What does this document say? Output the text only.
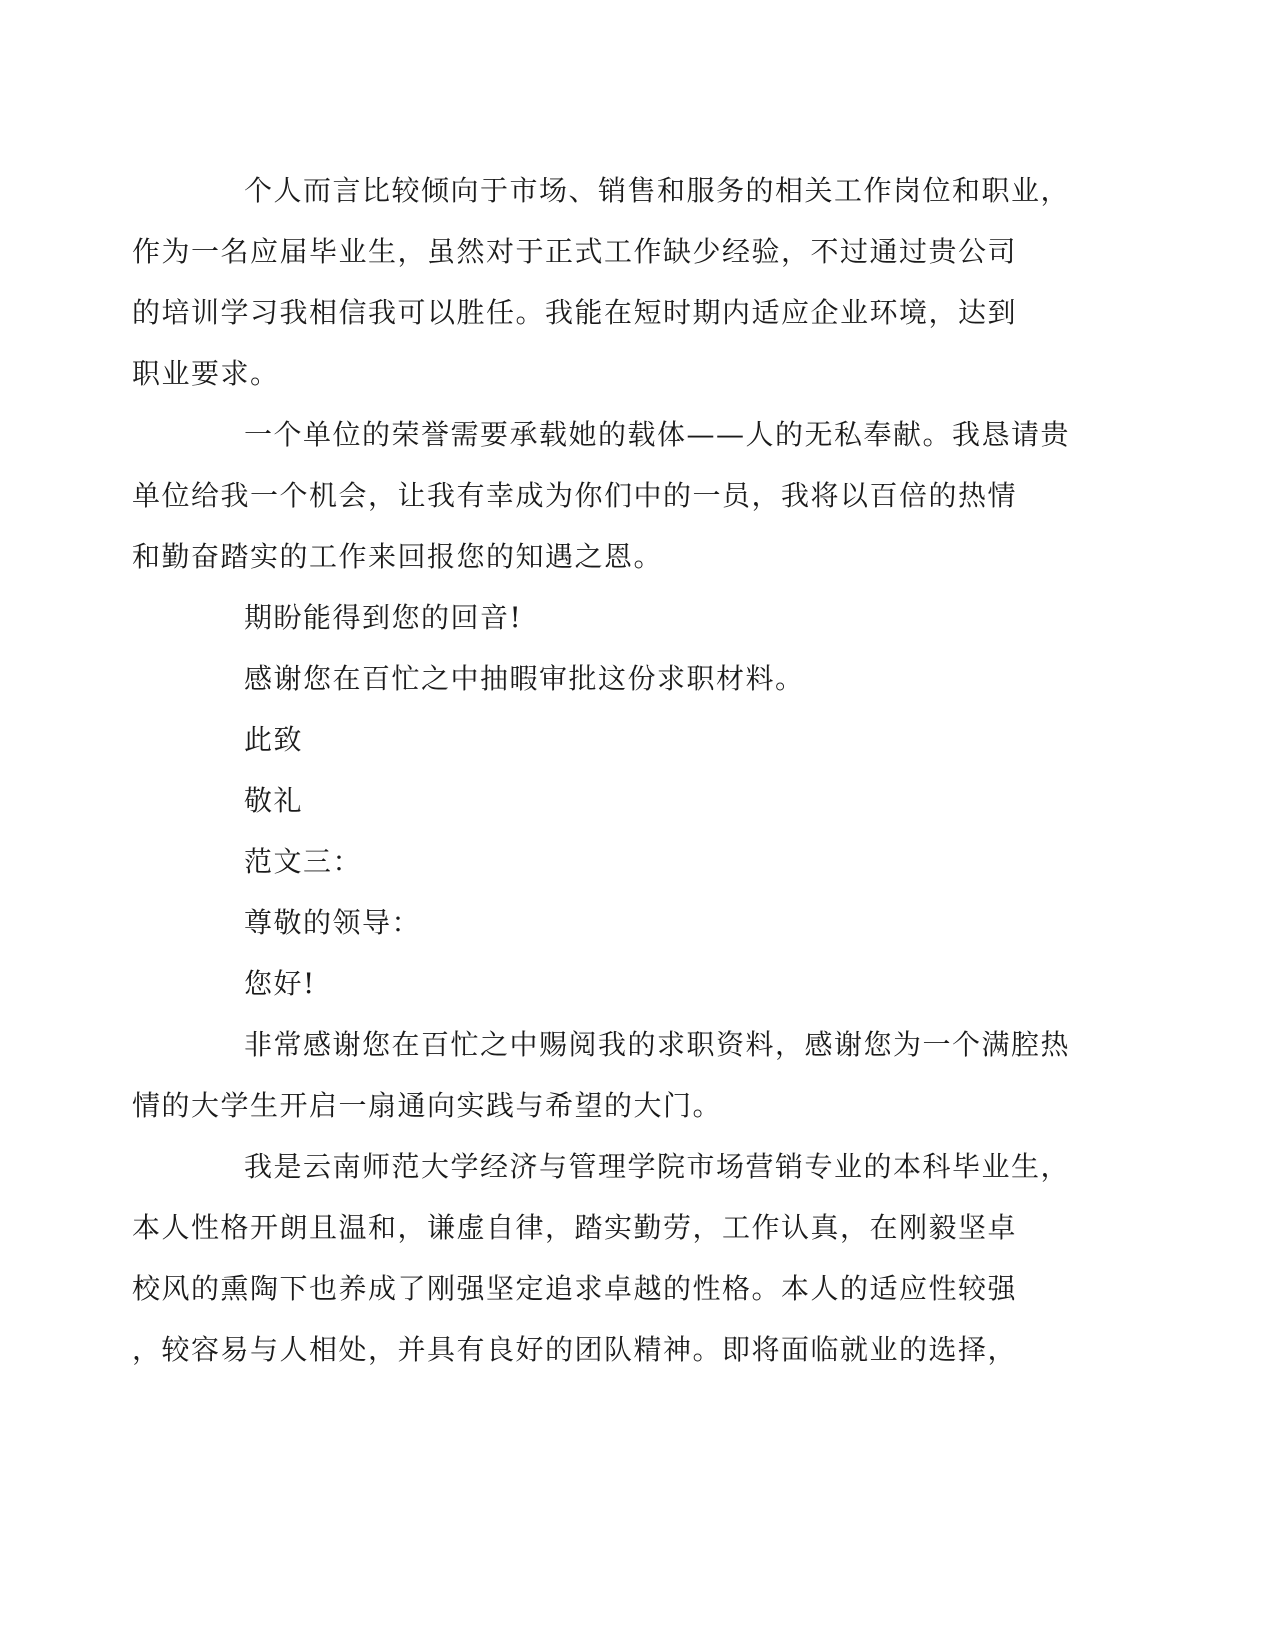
个人而言比较倾向于市场、销售和服务的相关工作岗位和职业，
作为一名应届毕业生，虽然对于正式工作缺少经验，不过通过贵公司
的培训学习我相信我可以胜任。我能在短时期内适应企业环境，达到
职业要求。

一个单位的荣誉需要承载她的载体——人的无私奉献。我恳请贵
单位给我一个机会，让我有幸成为你们中的一员，我将以百倍的热情
和勤奋踏实的工作来回报您的知遇之恩。

期盼能得到您的回音!

感谢您在百忙之中抽暇审批这份求职材料。

此致

敬礼

范文三：

尊敬的领导：

您好!

非常感谢您在百忙之中赐阅我的求职资料，感谢您为一个满腔热
情的大学生开启一扇通向实践与希望的大门。

我是云南师范大学经济与管理学院市场营销专业的本科毕业生，
本人性格开朗且温和，谦虚自律，踏实勤劳，工作认真，在刚毅坚卓
校风的熏陶下也养成了刚强坚定追求卓越的性格。本人的适应性较强
，较容易与人相处，并具有良好的团队精神。即将面临就业的选择，
